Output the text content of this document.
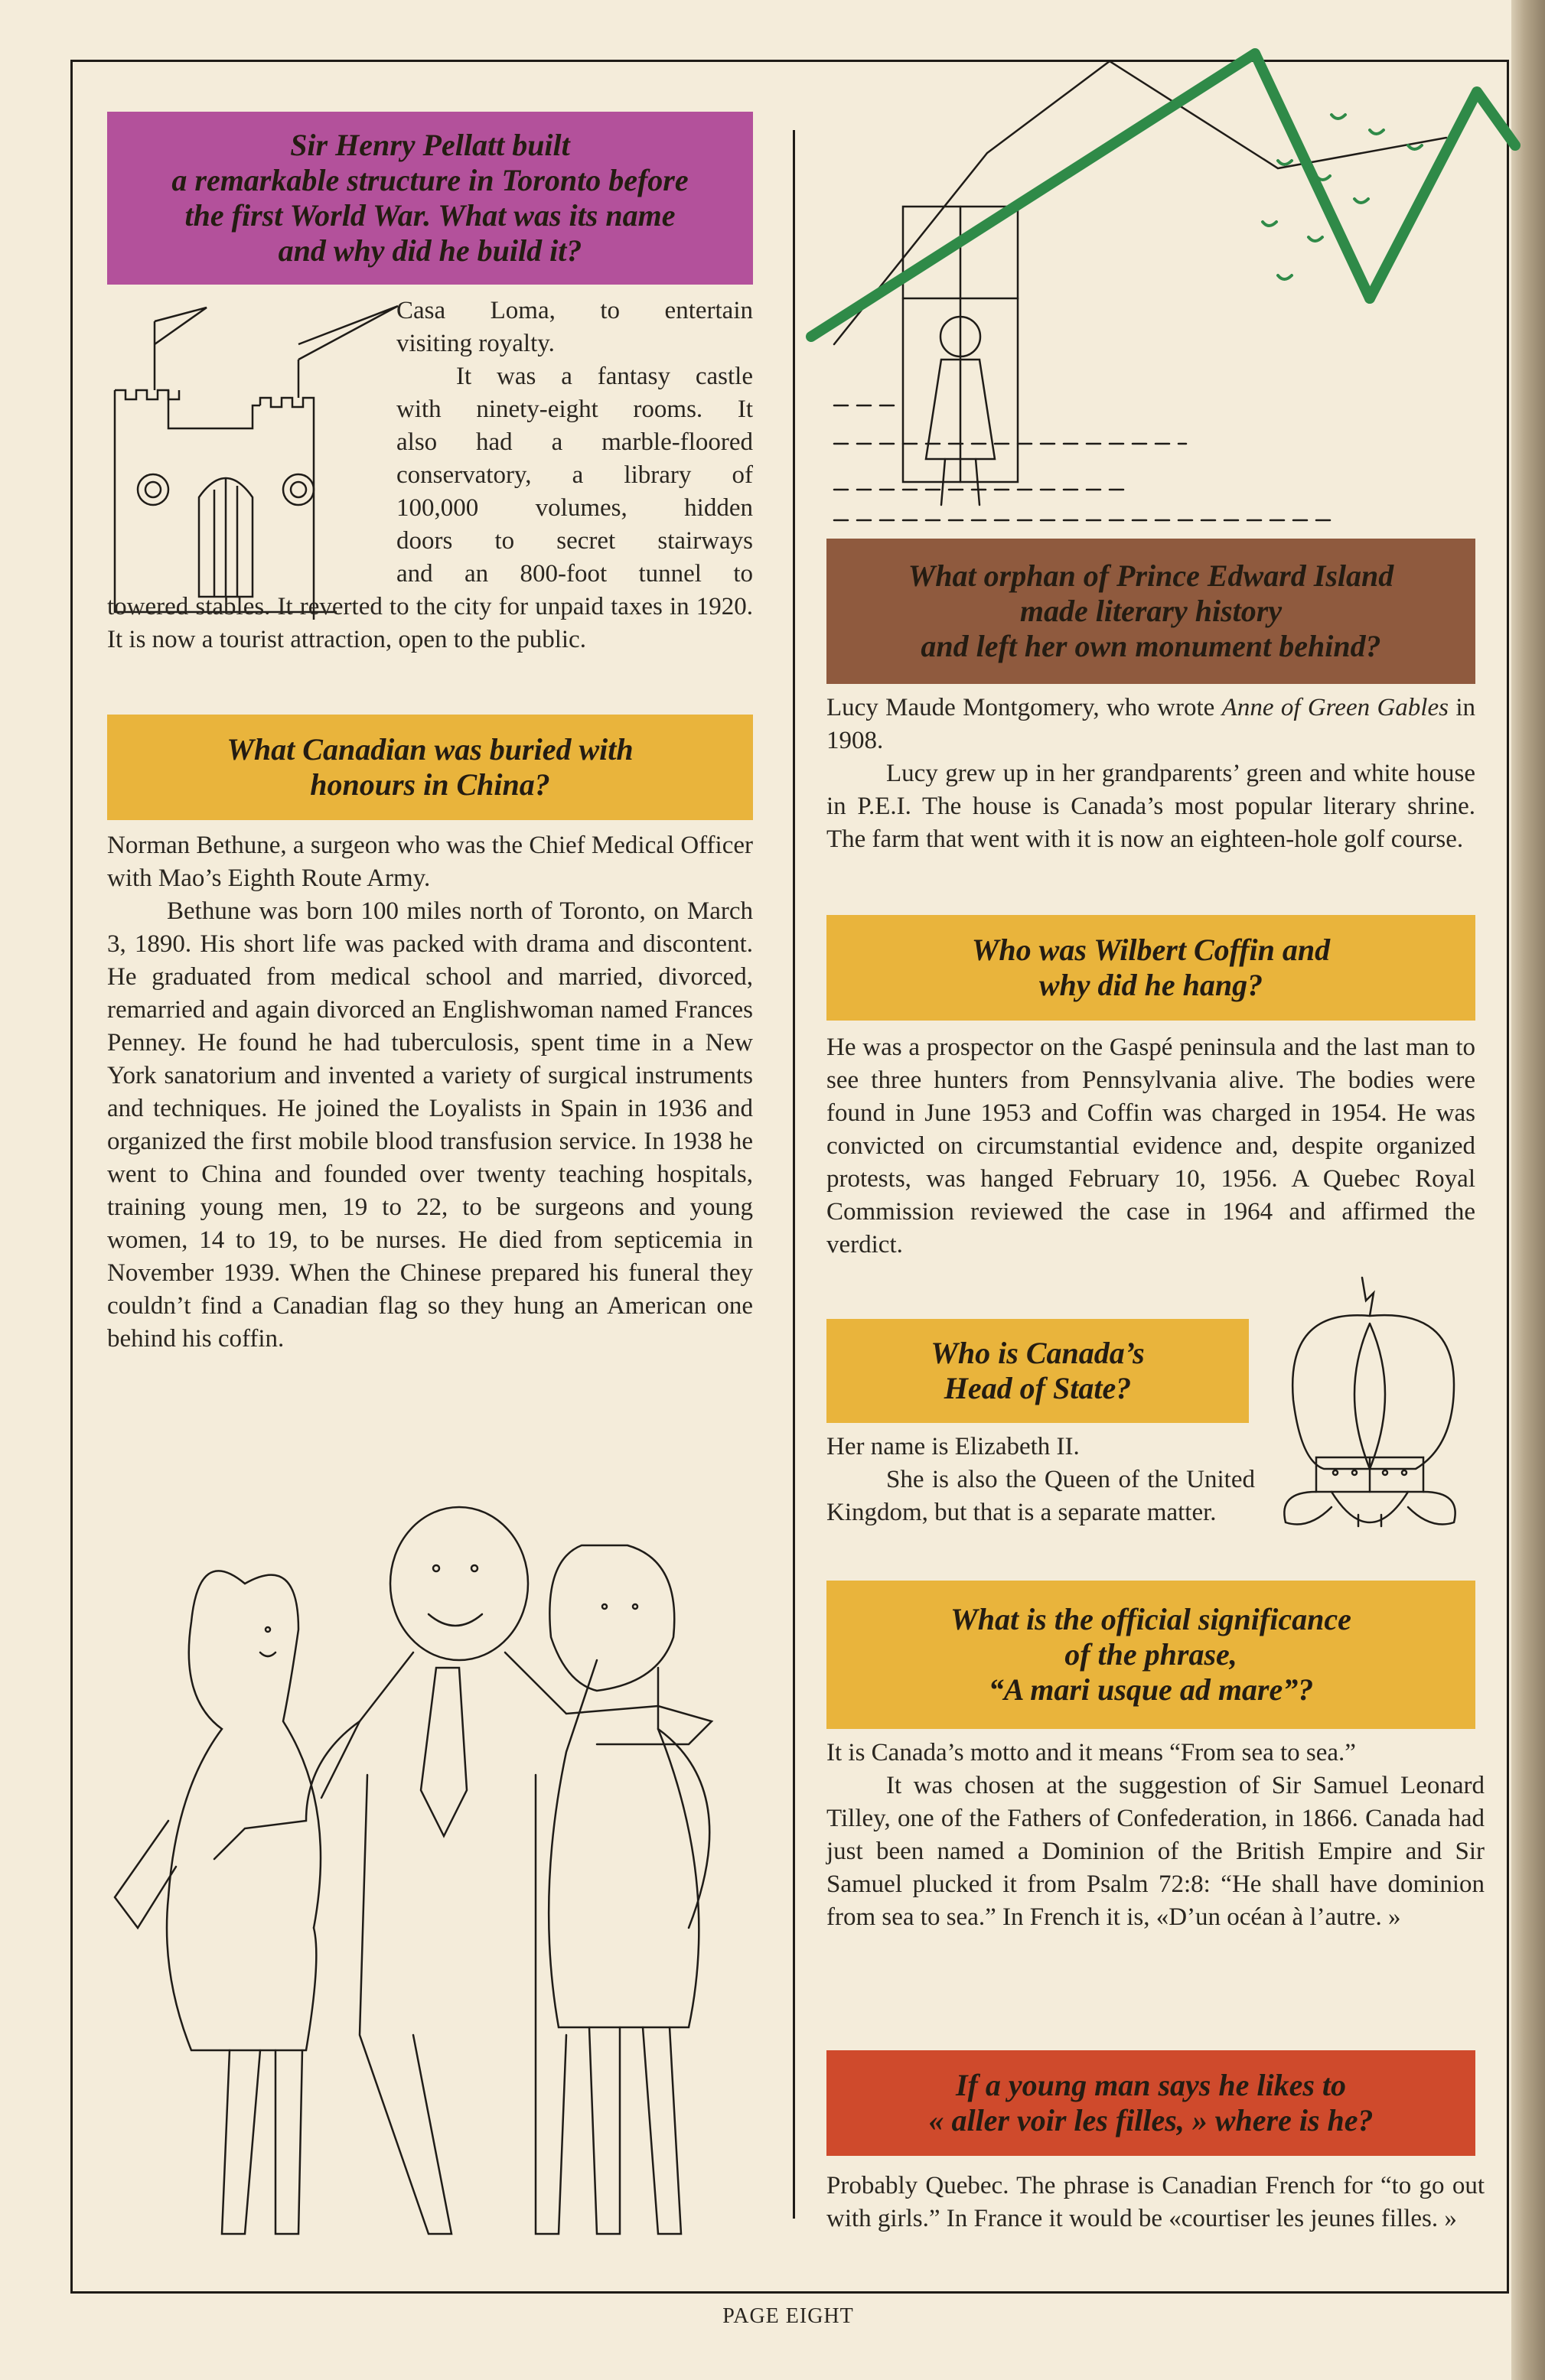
Sir Henry Pellatt built
a remarkable structure in Toronto before
the first World War. What was its name
and why did he build it?

Casa Loma, to entertain

visiting royalty.

It was a fantasy castle

with ninety-eight rooms. It

also had a marble-floored

conservatory, a library of

100,000 volumes, hidden

doors to secret stairways

and an 800-foot tunnel to

towered stables. It reverted to the city for unpaid taxes in 1920. It is now a tourist attraction, open to the public.

What Canadian was buried with
honours in China?

Norman Bethune, a surgeon who was the Chief Medical Officer with Mao’s Eighth Route Army.

Bethune was born 100 miles north of Toronto, on March 3, 1890. His short life was packed with drama and discontent. He graduated from medical school and married, divorced, remarried and again divorced an Englishwoman named Frances Penney. He found he had tuberculosis, spent time in a New York sanatorium and invented a variety of surgical instruments and techniques. He joined the Loyalists in Spain in 1936 and organized the first mobile blood transfusion service. In 1938 he went to China and founded over twenty teaching hospitals, training young men, 19 to 22, to be surgeons and young women, 14 to 19, to be nurses. He died from septicemia in November 1939. When the Chinese prepared his funeral they couldn’t find a Canadian flag so they hung an American one behind his coffin.

What orphan of Prince Edward Island
made literary history
and left her own monument behind?

Lucy Maude Montgomery, who wrote Anne of Green Gables in 1908.

Lucy grew up in her grandparents’ green and white house in P.E.I. The house is Canada’s most popular literary shrine. The farm that went with it is now an eighteen-hole golf course.

Who was Wilbert Coffin and
why did he hang?

He was a prospector on the Gaspé peninsula and the last man to see three hunters from Pennsylvania alive. The bodies were found in June 1953 and Coffin was charged in 1954. He was convicted on circumstantial evidence and, despite organized protests, was hanged February 10, 1956. A Quebec Royal Commission reviewed the case in 1964 and affirmed the verdict.

Who is Canada’s
Head of State?

Her name is Elizabeth II.

She is also the Queen of the United Kingdom, but that is a separate matter.

What is the official significance
of the phrase,
“A mari usque ad mare”?

It is Canada’s motto and it means “From sea to sea.”

It was chosen at the suggestion of Sir Samuel Leonard Tilley, one of the Fathers of Confederation, in 1866. Canada had just been named a Dominion of the British Empire and Sir Samuel plucked it from Psalm 72:8: “He shall have dominion from sea to sea.” In French it is, «D’un océan à l’autre. »

If a young man says he likes to
« aller voir les filles, » where is he?

Probably Quebec. The phrase is Canadian French for “to go out with girls.” In France it would be «courtiser les jeunes filles. »

PAGE EIGHT
